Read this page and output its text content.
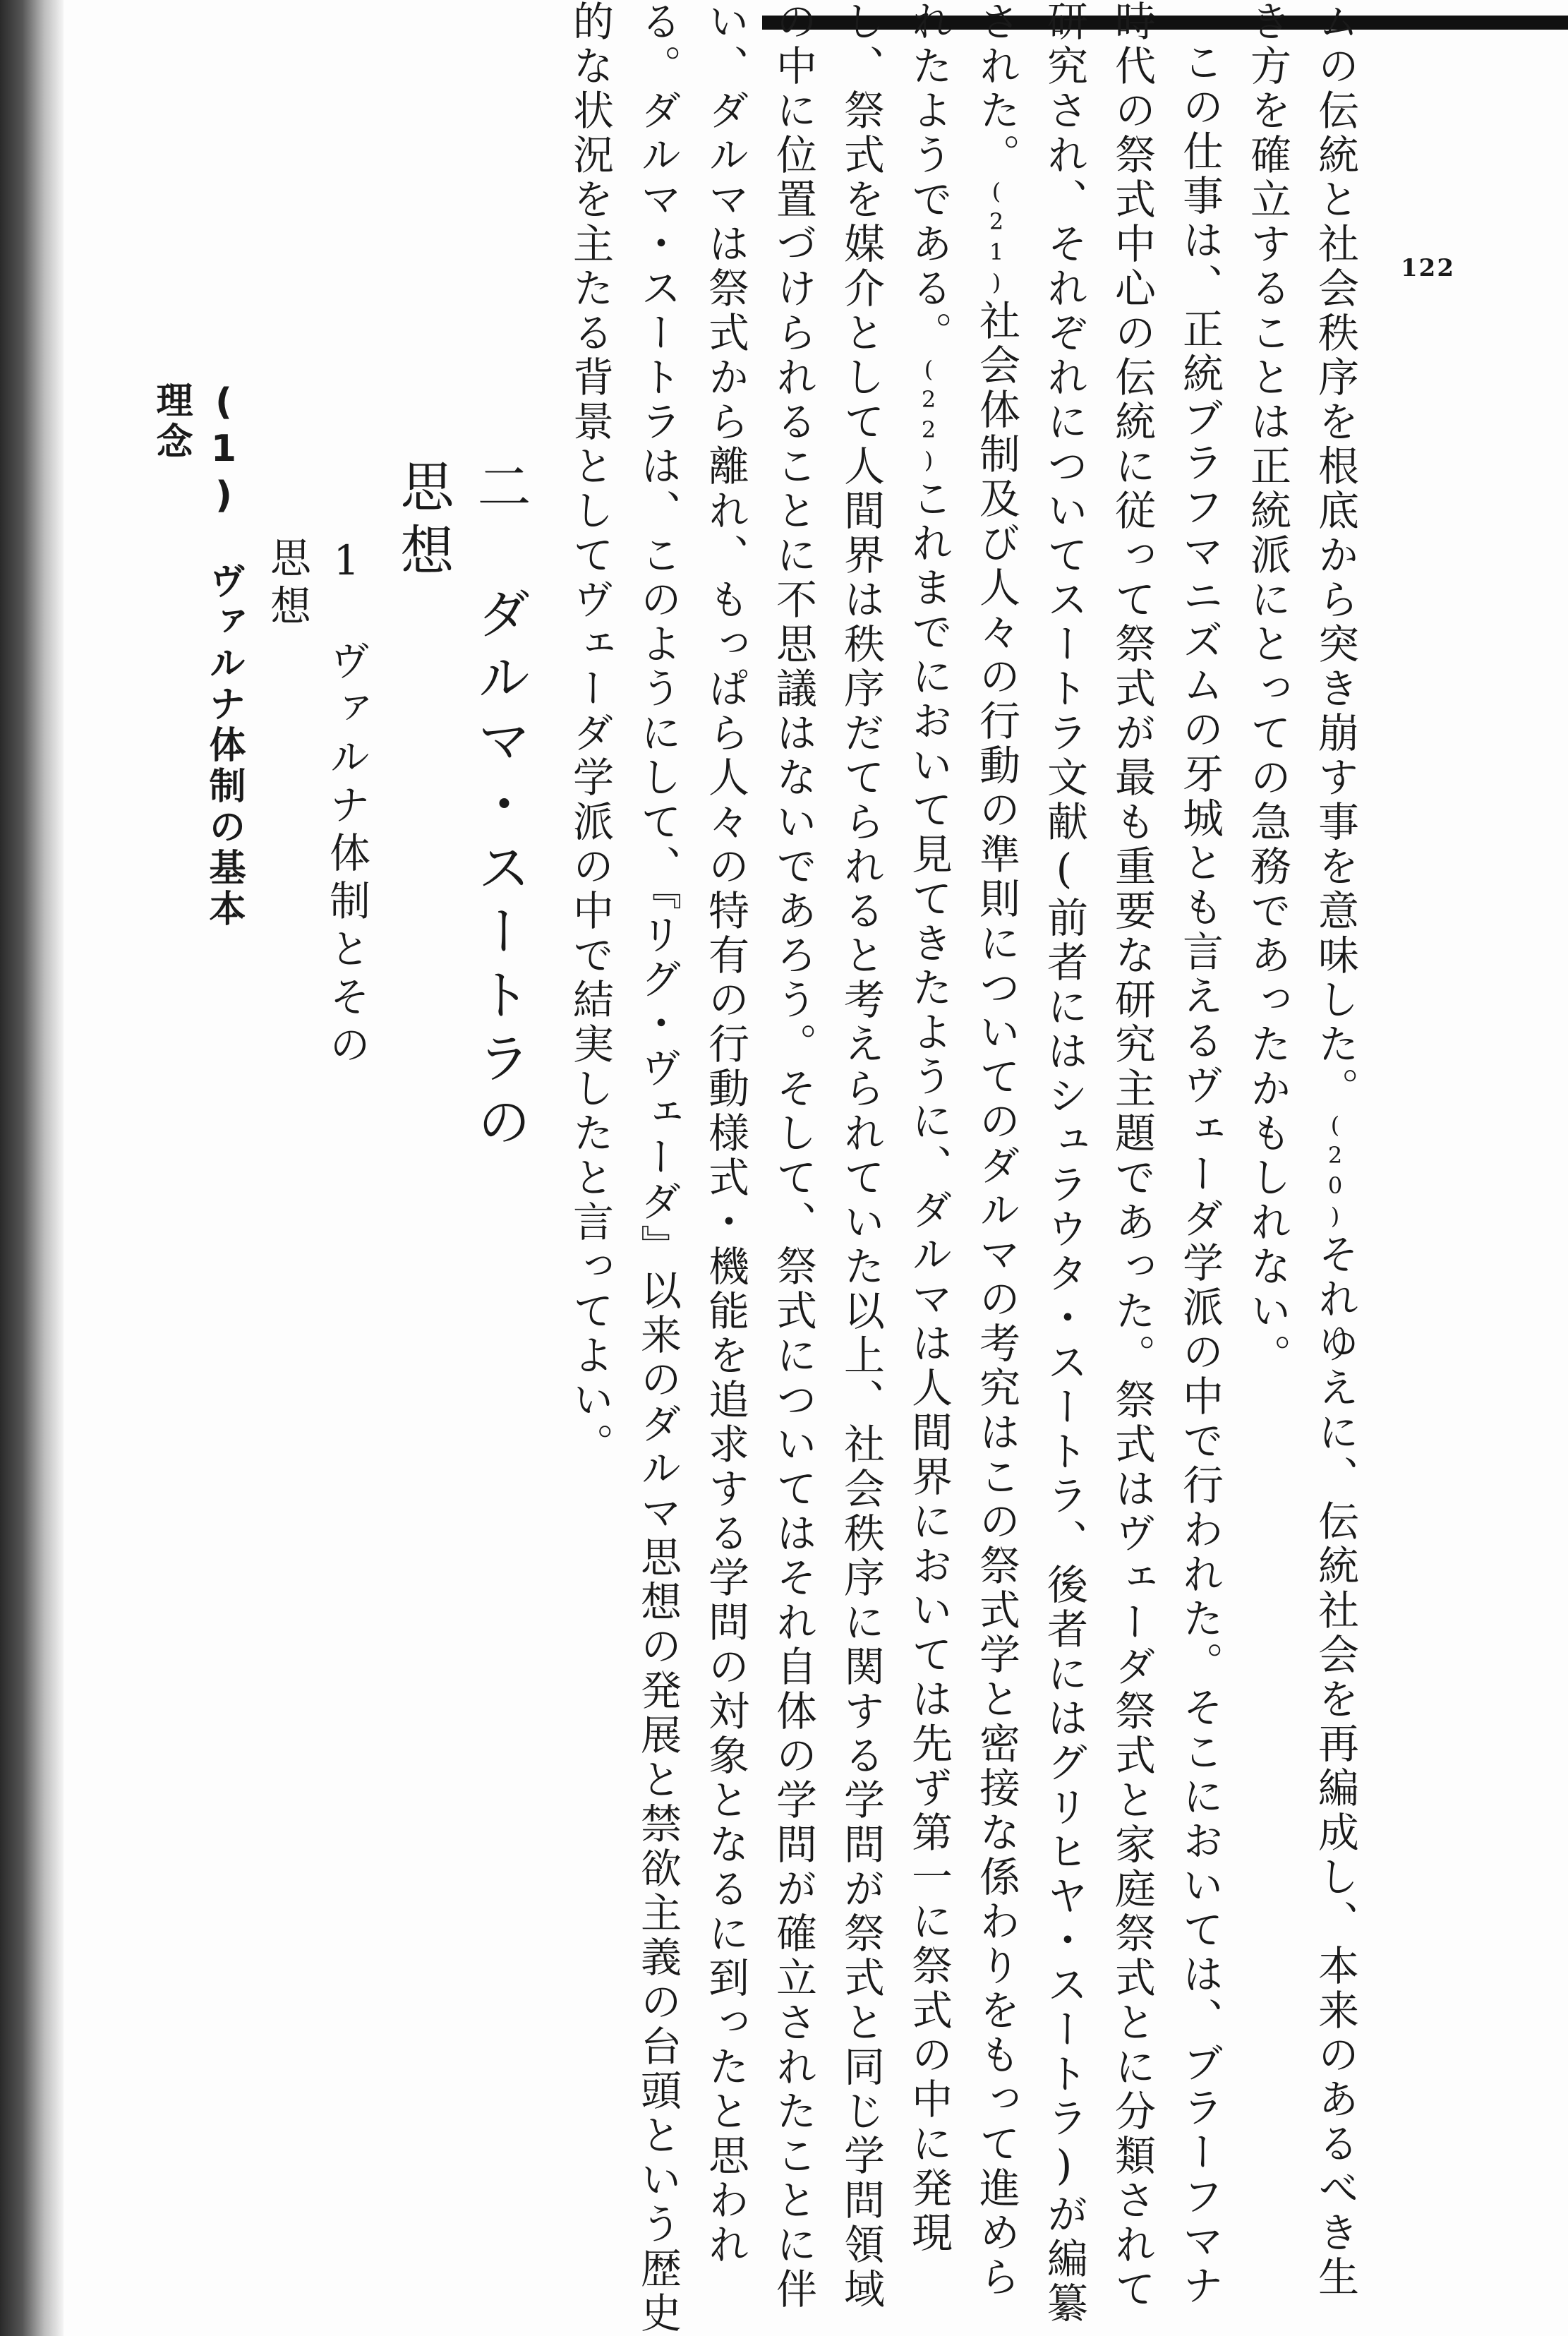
122

ムの伝統と社会秩序を根底から突き崩す事を意味した。(20)それゆえに、伝統社会を再編成し、本来のあるべき生き方を確立することは正統派にとっての急務であったかもしれない。

この仕事は、正統ブラフマニズムの牙城とも言えるヴェーダ学派の中で行われた。そこにおいては、ブラーフマナ時代の祭式中心の伝統に従って祭式が最も重要な研究主題であった。祭式はヴェーダ祭式と家庭祭式とに分類されて研究され、それぞれについてスートラ文献(前者にはシュラウタ・スートラ、後者にはグリヒヤ・スートラ)が編纂された。(21)社会体制及び人々の行動の準則についてのダルマの考究はこの祭式学と密接な係わりをもって進められたようである。(22)これまでにおいて見てきたように、ダルマは人間界においては先ず第一に祭式の中に発現し、祭式を媒介として人間界は秩序だてられると考えられていた以上、社会秩序に関する学問が祭式と同じ学問領域の中に位置づけられることに不思議はないであろう。そして、祭式についてはそれ自体の学問が確立されたことに伴い、ダルマは祭式から離れ、もっぱら人々の特有の行動様式・機能を追求する学問の対象となるに到ったと思われる。ダルマ・スートラは、このようにして、『リグ・ヴェーダ』以来のダルマ思想の発展と禁欲主義の台頭という歴史的な状況を主たる背景としてヴェーダ学派の中で結実したと言ってよい。

二　ダルマ・スートラの思想
1　ヴァルナ体制とその思想
(1)　ヴァルナ体制の基本理念
